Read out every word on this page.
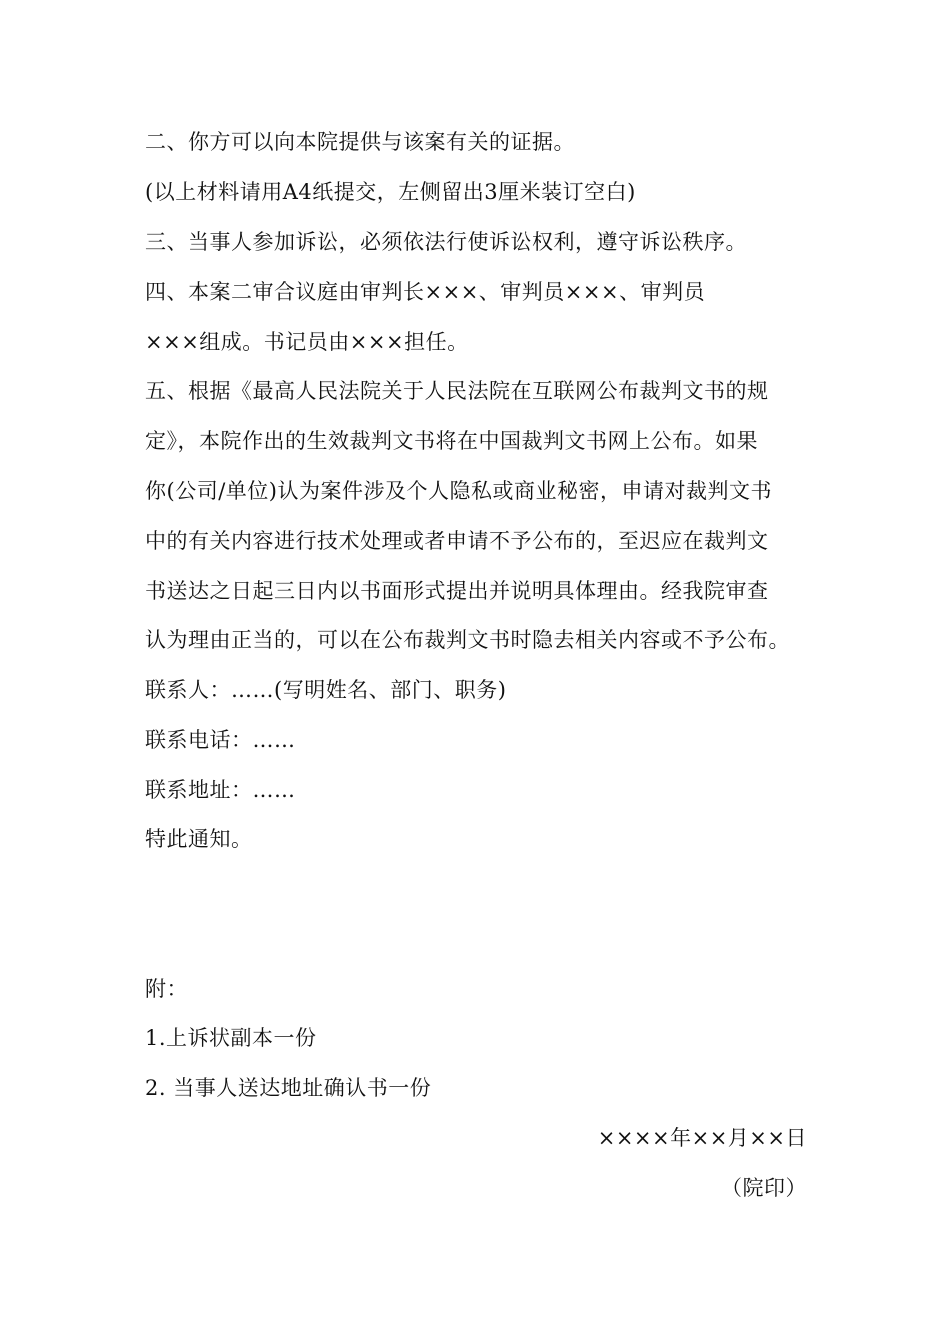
二、你方可以向本院提供与该案有关的证据。
(以上材料请用A4纸提交，左侧留出3厘米装订空白)
三、当事人参加诉讼，必须依法行使诉讼权利，遵守诉讼秩序。
四、本案二审合议庭由审判长×××、审判员×××、审判员
×××组成。书记员由×××担任。
五、根据《最高人民法院关于人民法院在互联网公布裁判文书的规
定》，本院作出的生效裁判文书将在中国裁判文书网上公布。如果
你(公司/单位)认为案件涉及个人隐私或商业秘密，申请对裁判文书
中的有关内容进行技术处理或者申请不予公布的，至迟应在裁判文
书送达之日起三日内以书面形式提出并说明具体理由。经我院审查
认为理由正当的，可以在公布裁判文书时隐去相关内容或不予公布。
联系人：……(写明姓名、部门、职务)
联系电话：……
联系地址：……
特此通知。
附：
1.上诉状副本一份
2. 当事人送达地址确认书一份
××××年××月××日
（院印）
